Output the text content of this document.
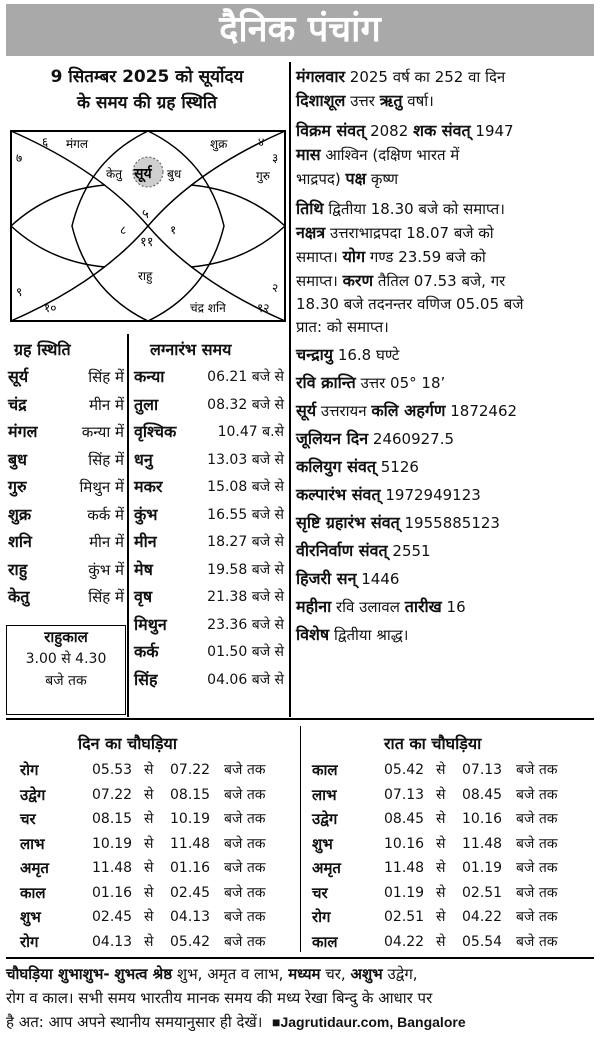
दैनिक पंचांग
9 सितम्बर 2025 को सूर्योदय
के समय की ग्रह स्थिति
५
६
७
८
९
१०
११
१२
१
२
३
४
मंगल	शुक्र
गुरु
केतु सूर्य बुध
राहु
चंद्र शनि
ग्रह स्थिति
सूर्य	सिंह में
चंद्र	मीन में
मंगल	कन्या में
बुध	सिंह में
गुरु	मिथुन में
शुक्र	कर्क में
शनि	मीन में
राहु	कुंभ में
केतु	सिंह में
लग्नारंभ समय
कन्या	06.21 बजे से
तुला	08.32 बजे से
वृश्चिक	10.47 ब.से
धनु	13.03 बजे से
मकर	15.08 बजे से
कुंभ	16.55 बजे से
मीन	18.27 बजे से
मेष	19.58 बजे से
वृष	21.38 बजे से
मिथुन	23.36 बजे से
कर्क	01.50 बजे से
सिंह	04.06 बजे से
राहुकाल
3.00 से 4.30
बजे तक
मंगलवार 2025 वर्ष का 252 वा दिन
दिशाशूल उत्तर ऋतु वर्षा।
विक्रम संवत् 2082 शक संवत् 1947
मास आश्विन (दक्षिण भारत में
भाद्रपद) पक्ष कृष्ण
तिथि द्वितीया 18.30 बजे को समाप्त।
नक्षत्र उत्तराभाद्रपदा 18.07 बजे को
समाप्त। योग गण्ड 23.59 बजे को
समाप्त। करण तैतिल 07.53 बजे, गर
18.30 बजे तदनन्तर वणिज 05.05 बजे
प्रात: को समाप्त।
चन्द्रायु 16.8 घण्टे
रवि क्रान्ति उत्तर 05° 18’
सूर्य उत्तरायन कलि अहर्गण 1872462
जूलियन दिन 2460927.5
कलियुग संवत् 5126
कल्पारंभ संवत् 1972949123
सृष्टि ग्रहारंभ संवत् 1955885123
वीरनिर्वाण संवत् 2551
हिजरी सन् 1446
महीना रवि उलावल तारीख 16
विशेष द्वितीया श्राद्ध।
दिन का चौघड़िया	रात का चौघड़िया
रोग	05.53 से 07.22 बजे तक
उद्वेग	07.22 से 08.15 बजे तक
चर	08.15 से 10.19 बजे तक
लाभ	10.19 से 11.48 बजे तक
अमृत	11.48 से 01.16 बजे तक
काल	01.16 से 02.45 बजे तक
शुभ	02.45 से 04.13 बजे तक
रोग	04.13 से 05.42 बजे तक
काल	05.42 से 07.13 बजे तक
लाभ	07.13 से 08.45 बजे तक
उद्वेग	08.45 से 10.16 बजे तक
शुभ	10.16 से 11.48 बजे तक
अमृत	11.48 से 01.19 बजे तक
चर	01.19 से 02.51 बजे तक
रोग	02.51 से 04.22 बजे तक
काल	04.22 से 05.54 बजे तक
चौघड़िया शुभाशुभ- शुभत्व श्रेष्ठ शुभ, अमृत व लाभ, मध्यम चर, अशुभ उद्वेग,
रोग व काल। सभी समय भारतीय मानक समय की मध्य रेखा बिन्दु के आधार पर
है अत: आप अपने स्थानीय समयानुसार ही देखें। ■Jagrutidaur.com, Bangalore
